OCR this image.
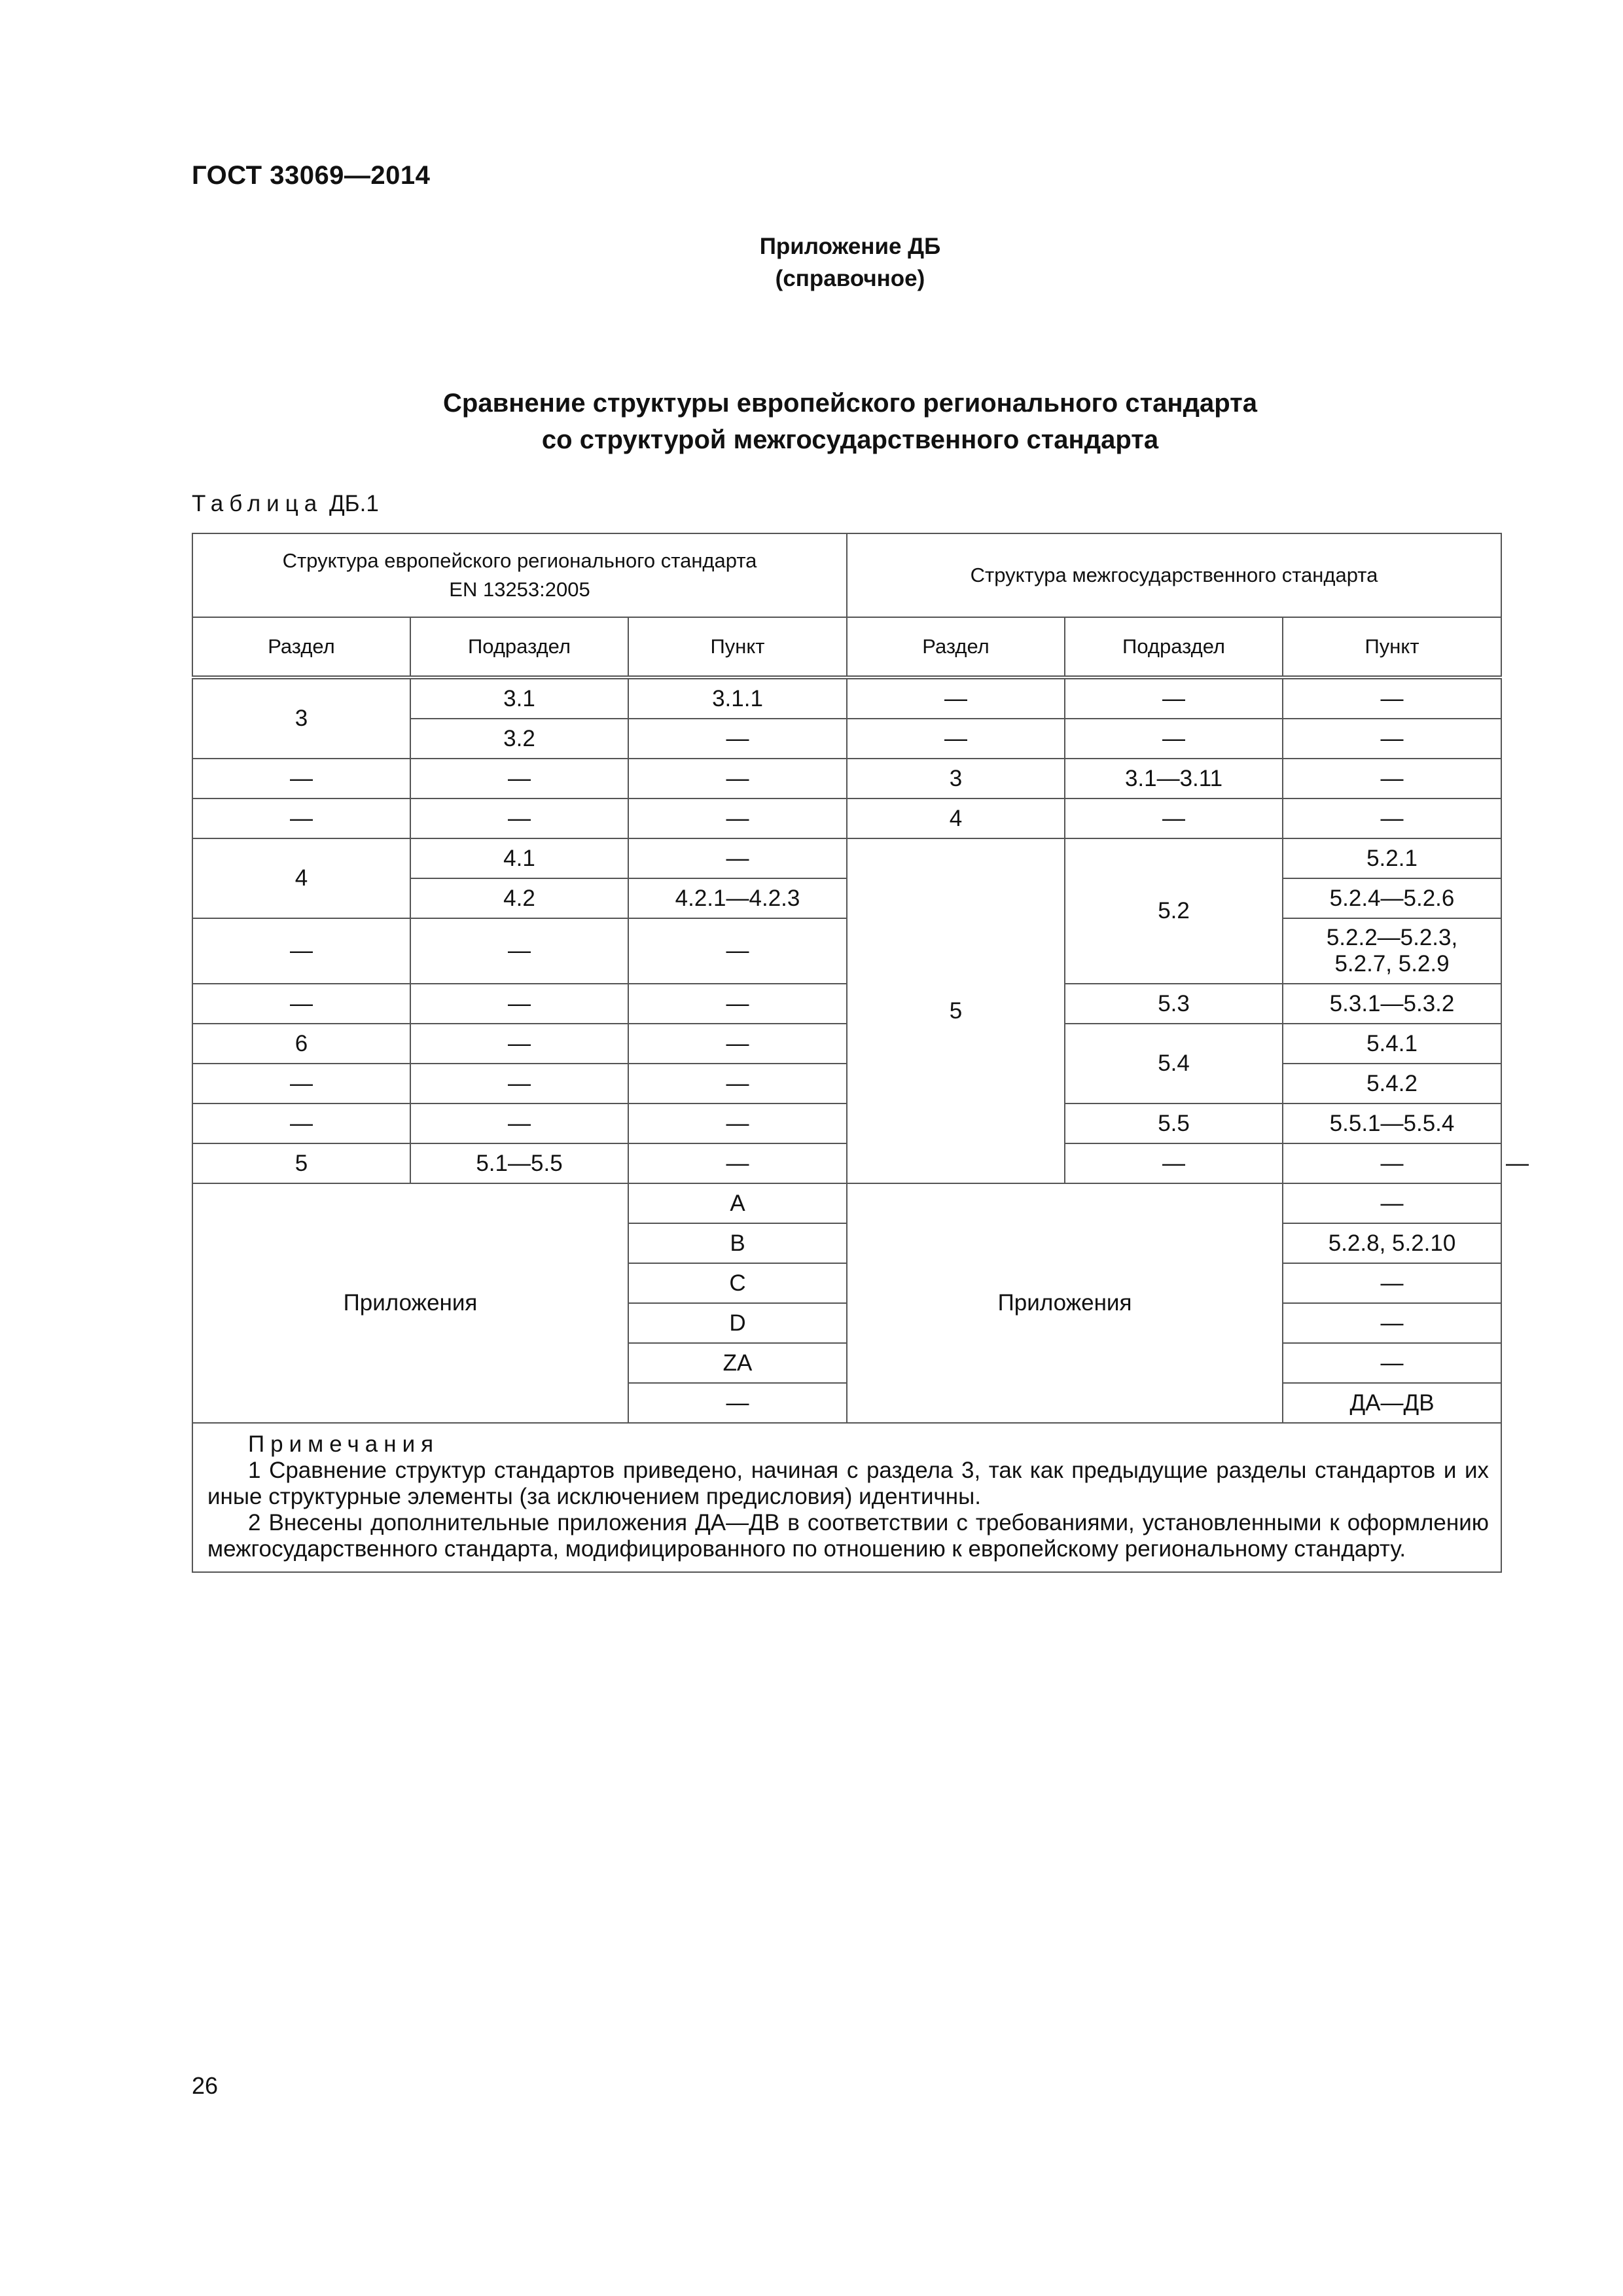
ГОСТ 33069—2014
Приложение ДБ
(справочное)
Сравнение структуры европейского регионального стандарта
со структурой межгосударственного стандарта
Таблица ДБ.1
Структура европейского регионального стандарта
EN 13253:2005			Структура межгосударственного стандарта			
Раздел	Подраздел	Пункт	Раздел	Подраздел	Пункт	
3	3.1	3.1.1	—	—	—	
	3.2	—	—	—	—	
—	—	—	3	3.1—3.11	—	
—	—	—	4	—	—	
4	4.1	—	5	5.2	5.2.1	
	4.2	4.2.1—4.2.3			5.2.4—5.2.6	
—	—	—			5.2.2—5.2.3,
5.2.7, 5.2.9	

—	—	—		5.3	5.3.1—5.3.2	
6	—	—		5.4	5.4.1	
—	—	—			5.4.2	
—	—	—		5.5	5.5.1—5.5.4	
5	5.1—5.5	—		—	—	—
Приложения		A	Приложения		—	
		B			5.2.8, 5.2.10	
		C			—	
		D			—	
		ZA			—	
		—			ДА—ДВ	

Примечания
1 Сравнение структур стандартов приведено, начиная с раздела 3, так как предыдущие разделы стандартов и их иные структурные элементы (за исключением предисловия) идентичны.
2 Внесены дополнительные приложения ДА—ДВ в соответствии с требованиями, установленными к оформлению межгосударственного стандарта, модифицированного по отношению к европейскому региональному стандарту.						
26
